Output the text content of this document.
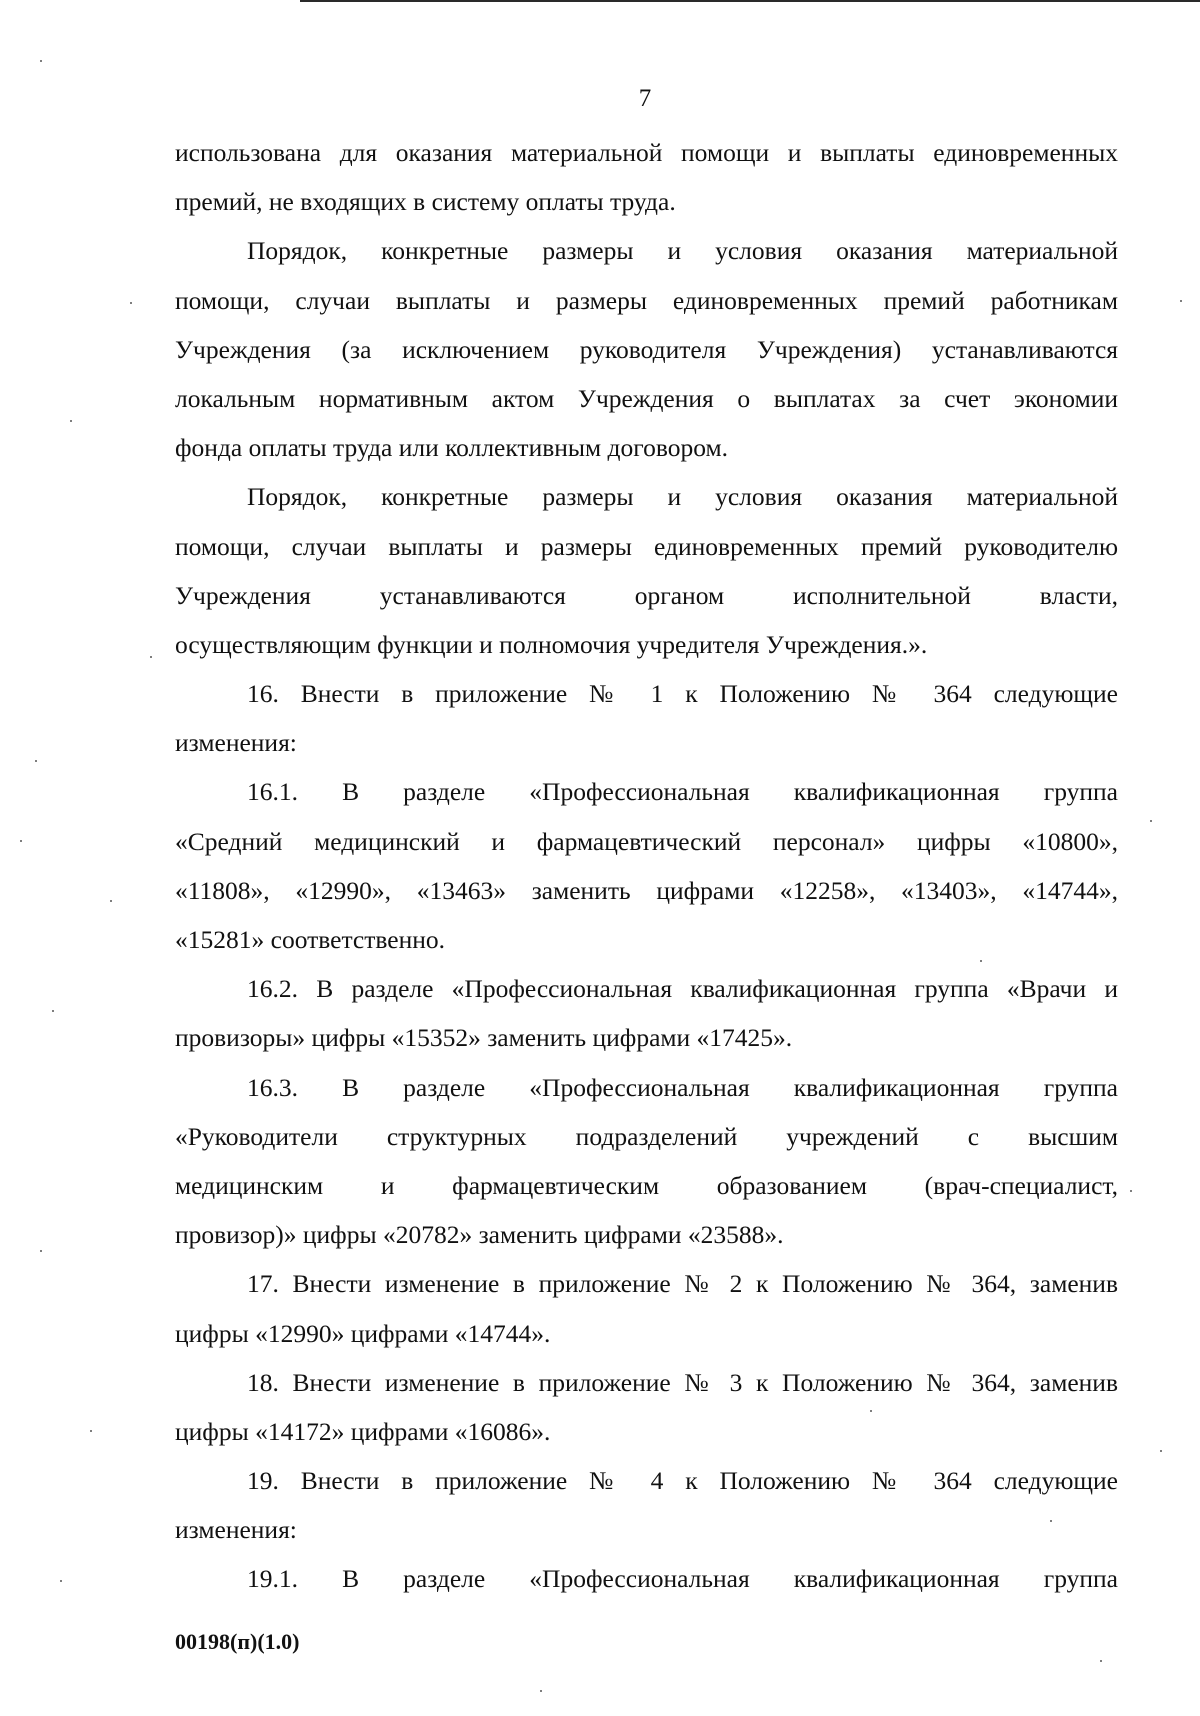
7
использована для оказания материальной помощи и выплаты единовременных
премий, не входящих в систему оплаты труда.
Порядок, конкретные размеры и условия оказания материальной
помощи, случаи выплаты и размеры единовременных премий работникам
Учреждения (за исключением руководителя Учреждения) устанавливаются
локальным нормативным актом Учреждения о выплатах за счет экономии
фонда оплаты труда или коллективным договором.
Порядок, конкретные размеры и условия оказания материальной
помощи, случаи выплаты и размеры единовременных премий руководителю
Учреждения устанавливаются органом исполнительной власти,
осуществляющим функции и полномочия учредителя Учреждения.».
16. Внести в приложение № 1 к Положению № 364 следующие
изменения:
16.1. В разделе «Профессиональная квалификационная группа
«Средний медицинский и фармацевтический персонал» цифры «10800»,
«11808», «12990», «13463» заменить цифрами «12258», «13403», «14744»,
«15281» соответственно.
16.2. В разделе «Профессиональная квалификационная группа «Врачи и
провизоры» цифры «15352» заменить цифрами «17425».
16.3. В разделе «Профессиональная квалификационная группа
«Руководители структурных подразделений учреждений с высшим
медицинским и фармацевтическим образованием (врач-специалист,
провизор)» цифры «20782» заменить цифрами «23588».
17. Внести изменение в приложение № 2 к Положению № 364, заменив
цифры «12990» цифрами «14744».
18. Внести изменение в приложение № 3 к Положению № 364, заменив
цифры «14172» цифрами «16086».
19. Внести в приложение № 4 к Положению № 364 следующие
изменения:
19.1. В разделе «Профессиональная квалификационная группа
00198(п)(1.0)
